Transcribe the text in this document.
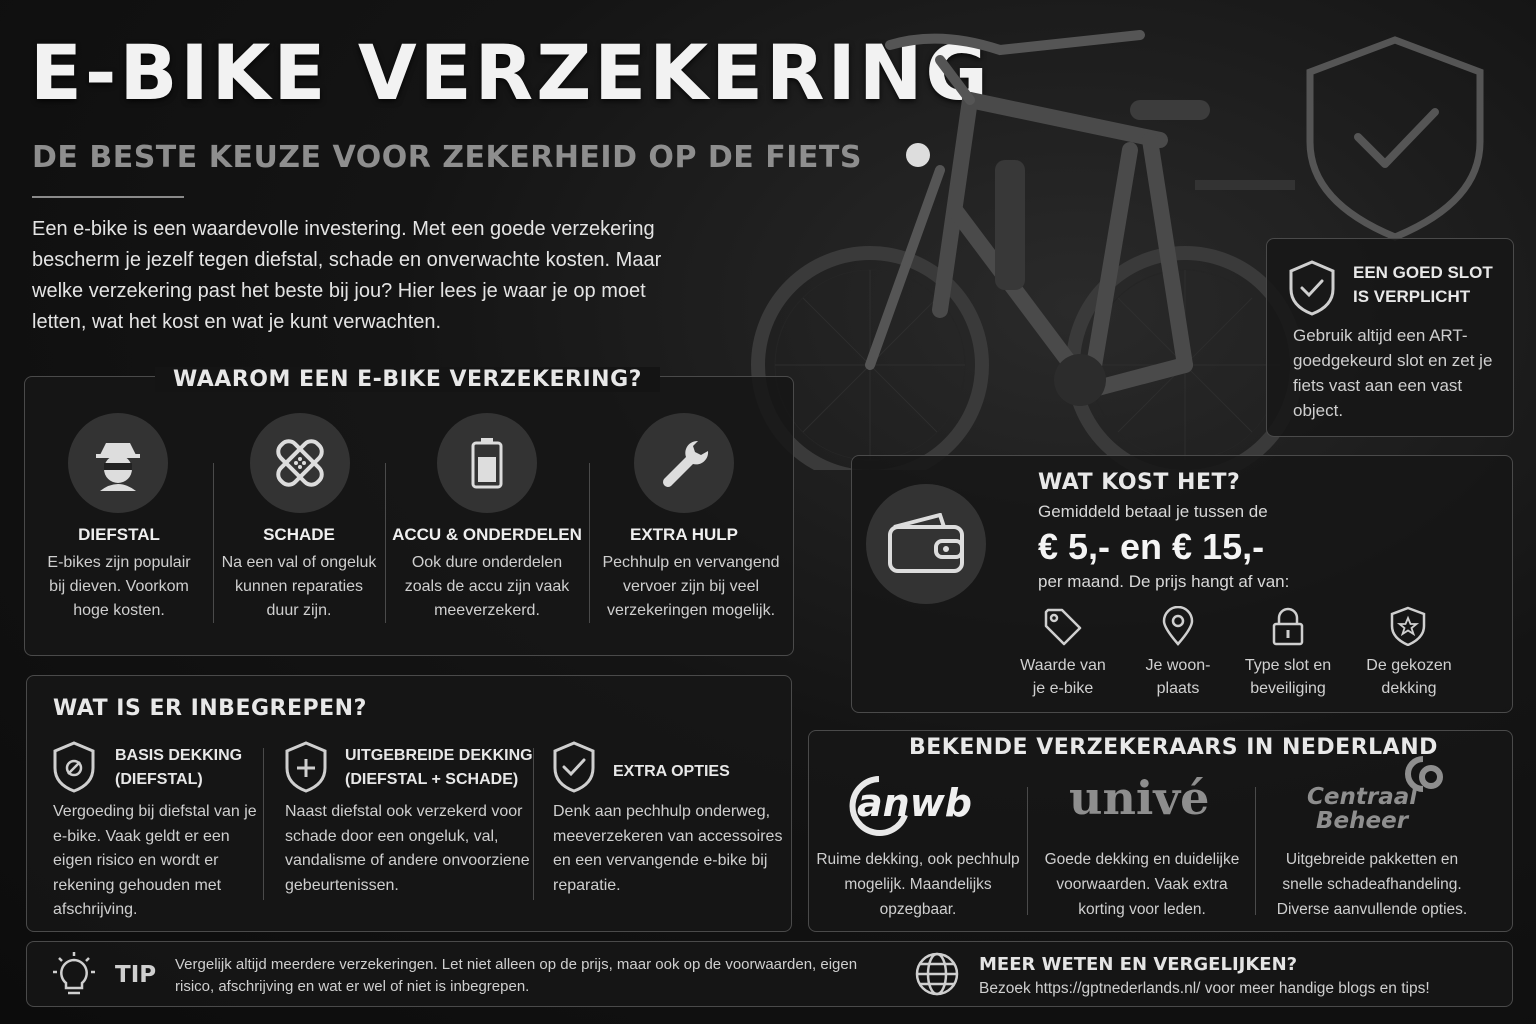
E-BIKE VERZEKERING
DE BESTE KEUZE VOOR ZEKERHEID OP DE FIETS
Een e-bike is een waardevolle investering. Met een goede verzekering bescherm je jezelf tegen diefstal, schade en onverwachte kosten. Maar welke verzekering past het beste bij jou? Hier lees je waar je op moet letten, wat het kost en wat je kunt verwachten.
EEN GOED SLOT
IS VERPLICHT
Gebruik altijd een ART-goedgekeurd slot en zet je fiets vast aan een vast object.
WAAROM EEN E-BIKE VERZEKERING?
DIEFSTAL
E-bikes zijn populair bij dieven. Voorkom hoge kosten.
SCHADE
Na een val of ongeluk kunnen reparaties duur zijn.
ACCU & ONDERDELEN
Ook dure onderdelen zoals de accu zijn vaak meeverzekerd.
EXTRA HULP
Pechhulp en vervangend vervoer zijn bij veel verzekeringen mogelijk.
WAT KOST HET?
Gemiddeld betaal je tussen de
€ 5,- en € 15,-
per maand. De prijs hangt af van:
Waarde van
je e-bike
Je woon-
plaats
Type slot en
beveiliging
De gekozen
dekking
WAT IS ER INBEGREPEN?
BASIS DEKKING
(DIEFSTAL)
Vergoeding bij diefstal van je e-bike. Vaak geldt er een eigen risico en wordt er rekening gehouden met afschrijving.
UITGEBREIDE DEKKING
(DIEFSTAL + SCHADE)
Naast diefstal ook verzekerd voor schade door een ongeluk, val, vandalisme of andere onvoorziene gebeurtenissen.
EXTRA OPTIES
Denk aan pechhulp onderweg, meeverzekeren van accessoires en een vervangende e-bike bij reparatie.
BEKENDE VERZEKERAARS IN NEDERLAND
anwb univé	Centraal
Beheer
Ruime dekking, ook pechhulp mogelijk. Maandelijks opzegbaar.
Goede dekking en duidelijke voorwaarden. Vaak extra korting voor leden.
Uitgebreide pakketten en snelle schadeafhandeling. Diverse aanvullende opties.
TIP Vergelijk altijd meerdere verzekeringen. Let niet alleen op de prijs, maar ook op de voorwaarden, eigen risico, afschrijving en wat er wel of niet is inbegrepen.
MEER WETEN EN VERGELIJKEN?
Bezoek https://gptnederlands.nl/ voor meer handige blogs en tips!
